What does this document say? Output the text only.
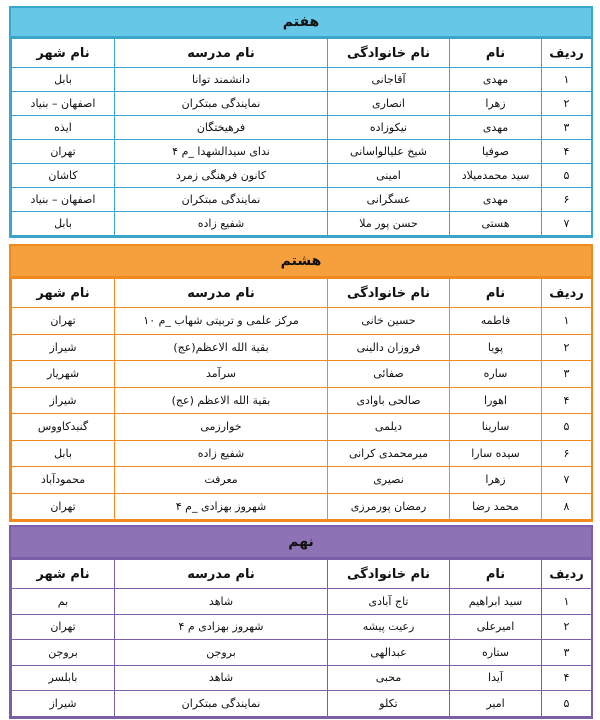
هفتم
ردیف	نام	نام خانوادگی	نام مدرسه	نام شهر
۱	مهدی	آقاجانی	دانشمند توانا	بابل
۲	زهرا	انصاری	نمایندگی مبتکران	اصفهان – بنیاد
۳	مهدی	نیکوزاده	فرهیختگان	ایذه
۴	صوفیا	شیخ علیالواسانی	ندای سیدالشهدا _م ۴	تهران
۵	سید محمدمیلاد	امینی	کانون فرهنگی زمرد	کاشان
۶	مهدی	عسگرانی	نمایندگی مبتکران	اصفهان – بنیاد
۷	هستی	حسن پور ملا	شفیع زاده	بابل
هشتم
ردیف	نام	نام خانوادگی	نام مدرسه	نام شهر
۱	فاطمه	حسین خانی	مرکز علمی و تربیتی شهاب _م ۱۰	تهران
۲	پویا	فروزان دالینی	بقیة الله الاعظم(عج)	شیراز
۳	ساره	صفائی	سرآمد	شهریار
۴	اهورا	صالحی باوادی	بقیة الله الاعظم (عج)	شیراز
۵	سارینا	دیلمی	خوارزمی	گنبدکاووس
۶	سیده سارا	میرمحمدی کرانی	شفیع زاده	بابل
۷	زهرا	نصیری	معرفت	محمودآباد
۸	محمد رضا	رمضان پورمرزی	شهروز بهزادی _م ۴	تهران
نهم
ردیف	نام	نام خانوادگی	نام مدرسه	نام شهر
۱	سید ابراهیم	تاج آبادی	شاهد	بم
۲	امیرعلی	رعیت پیشه	شهروز بهزادی م ۴	تهران
۳	ستاره	عبدالهی	بروجن	بروجن
۴	آیدا	محبی	شاهد	بابلسر
۵	امیر	تکلو	نمایندگی مبتکران	شیراز
